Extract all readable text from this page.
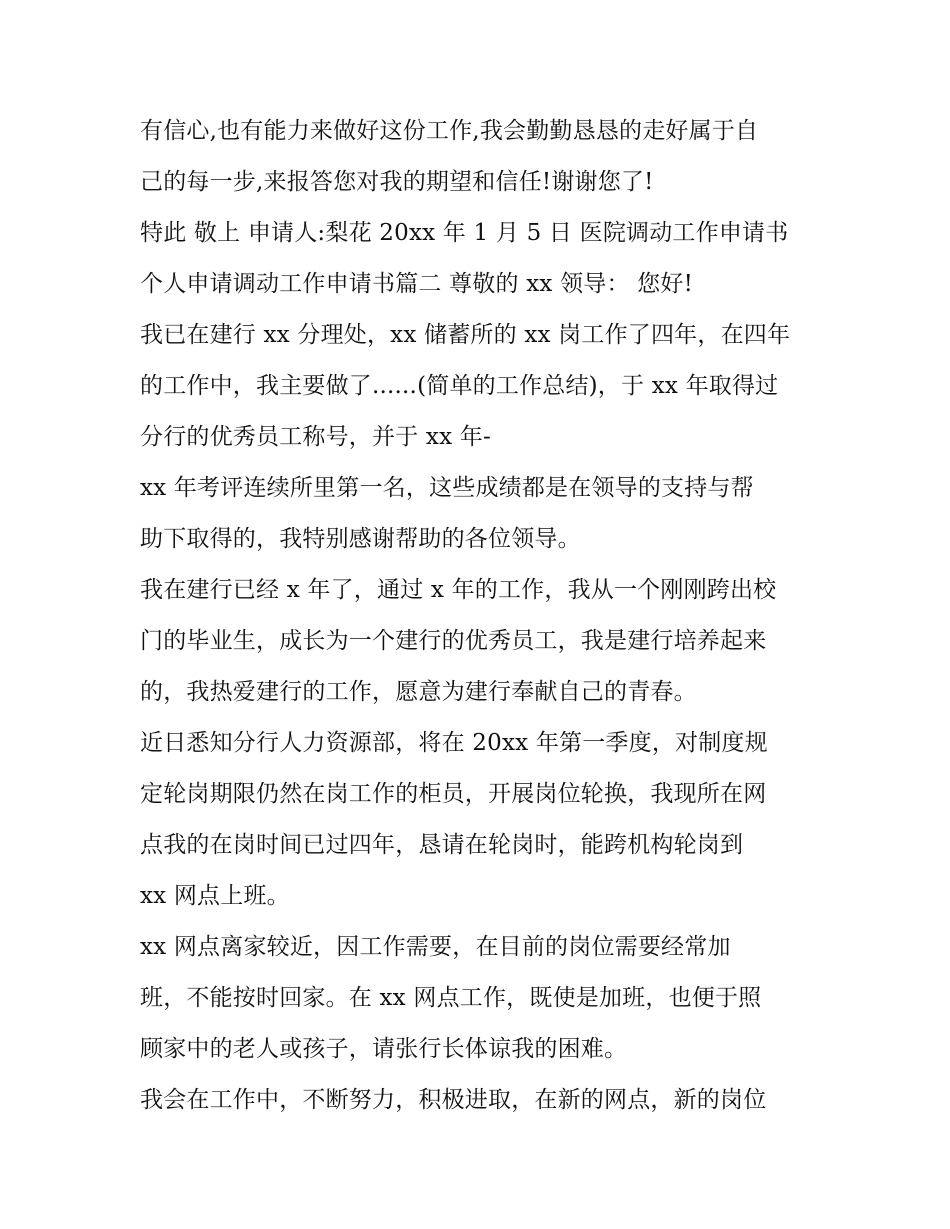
有信心,也有能力来做好这份工作,我会勤勤恳恳的走好属于自
己的每一步,来报答您对我的期望和信任!谢谢您了!
特此 敬上 申请人:梨花 20xx 年 1 月 5 日 医院调动工作申请书
个人申请调动工作申请书篇二 尊敬的 xx 领导： 您好!
我已在建行 xx 分理处，xx 储蓄所的 xx 岗工作了四年，在四年
的工作中，我主要做了......(简单的工作总结)，于 xx 年取得过
分行的优秀员工称号，并于 xx 年-
xx 年考评连续所里第一名，这些成绩都是在领导的支持与帮
助下取得的，我特别感谢帮助的各位领导。
我在建行已经 x 年了，通过 x 年的工作，我从一个刚刚跨出校
门的毕业生，成长为一个建行的优秀员工，我是建行培养起来
的，我热爱建行的工作，愿意为建行奉献自己的青春。
近日悉知分行人力资源部，将在 20xx 年第一季度，对制度规
定轮岗期限仍然在岗工作的柜员，开展岗位轮换，我现所在网
点我的在岗时间已过四年，恳请在轮岗时，能跨机构轮岗到
xx 网点上班。
xx 网点离家较近，因工作需要，在目前的岗位需要经常加
班，不能按时回家。在 xx 网点工作，既使是加班，也便于照
顾家中的老人或孩子，请张行长体谅我的困难。
我会在工作中，不断努力，积极进取，在新的网点，新的岗位
